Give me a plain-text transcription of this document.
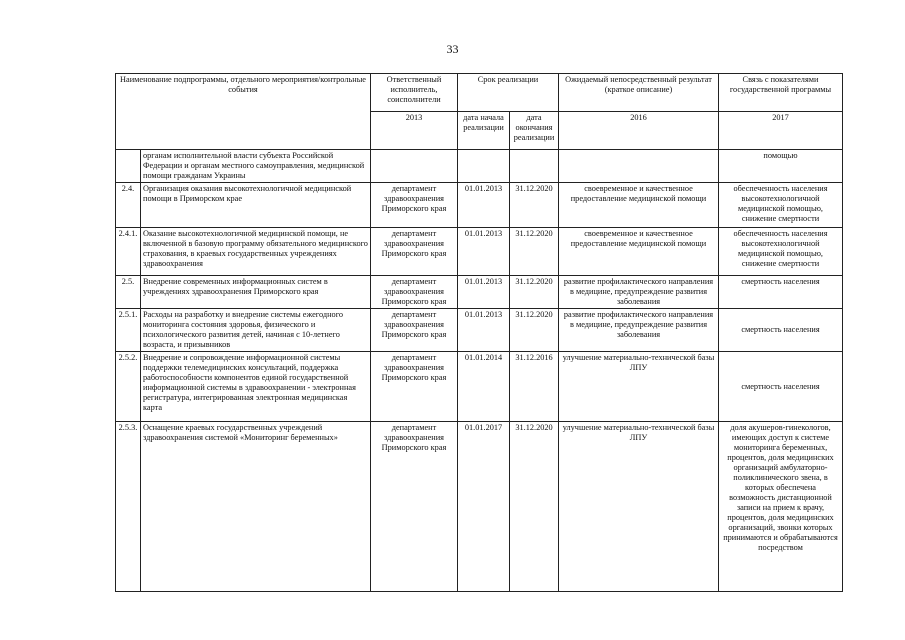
33
Наименование подпрограммы, отдельного мероприятия/контрольные события		Ответственный исполнитель, соисполнители	Срок реализации		Ожидаемый непосредственный результат (краткое описание)	Связь с показателями государственной программы
		2013	дата начала реализации	дата окончания реализации	2016	2017
	органам исполнительной власти субъекта Российской Федерации и органам местного самоуправления, медицинской помощи гражданам Украины					помощью
2.4.	Организация оказания высокотехнологичной медицинской помощи в Приморском крае	департамент здравоохранения Приморского края	01.01.2013	31.12.2020	своевременное и качественное предоставление медицинской помощи	обеспеченность населения высокотехнологичной медицинской помощью, снижение смертности
2.4.1.	Оказание высокотехнологичной медицинской помощи, не включенной в базовую программу обязательного медицинского страхования, в краевых государственных учреждениях здравоохранения	департамент здравоохранения Приморского края	01.01.2013	31.12.2020	своевременное и качественное предоставление медицинской помощи	обеспеченность населения высокотехнологичной медицинской помощью, снижение смертности
2.5.	Внедрение современных информационных систем в учреждениях здравоохранения Приморского края	департамент здравоохранения Приморского края	01.01.2013	31.12.2020	развитие профилактического направления в медицине, предупреждение развития заболевания	смертность населения
2.5.1.	Расходы на разработку и внедрение системы ежегодного мониторинга состояния здоровья, физического и психологического развития детей, начиная с 10-летнего возраста, и призывников	департамент здравоохранения Приморского края	01.01.2013	31.12.2020	развитие профилактического направления в медицине, предупреждение развития заболевания	смертность населения
2.5.2.	Внедрение и сопровождение информационной системы поддержки телемедицинских консультаций, поддержка работоспособности компонентов единой государственной информационной системы в здравоохранении - электронная регистратура, интегрированная электронная медицинская карта	департамент здравоохранения Приморского края	01.01.2014	31.12.2016	улучшение материально-технической базы ЛПУ	смертность населения
2.5.3.	Оснащение краевых государственных учреждений здравоохранения системой «Мониторинг беременных»	департамент здравоохранения Приморского края	01.01.2017	31.12.2020	улучшение материально-технической базы ЛПУ	доля акушеров-гинекологов, имеющих доступ к системе мониторинга беременных, процентов, доля медицинских организаций амбулаторно-поликлинического звена, в которых обеспечена возможность дистанционной записи на прием к врачу, процентов, доля медицинских организаций, звонки которых принимаются и обрабатываются посредством
